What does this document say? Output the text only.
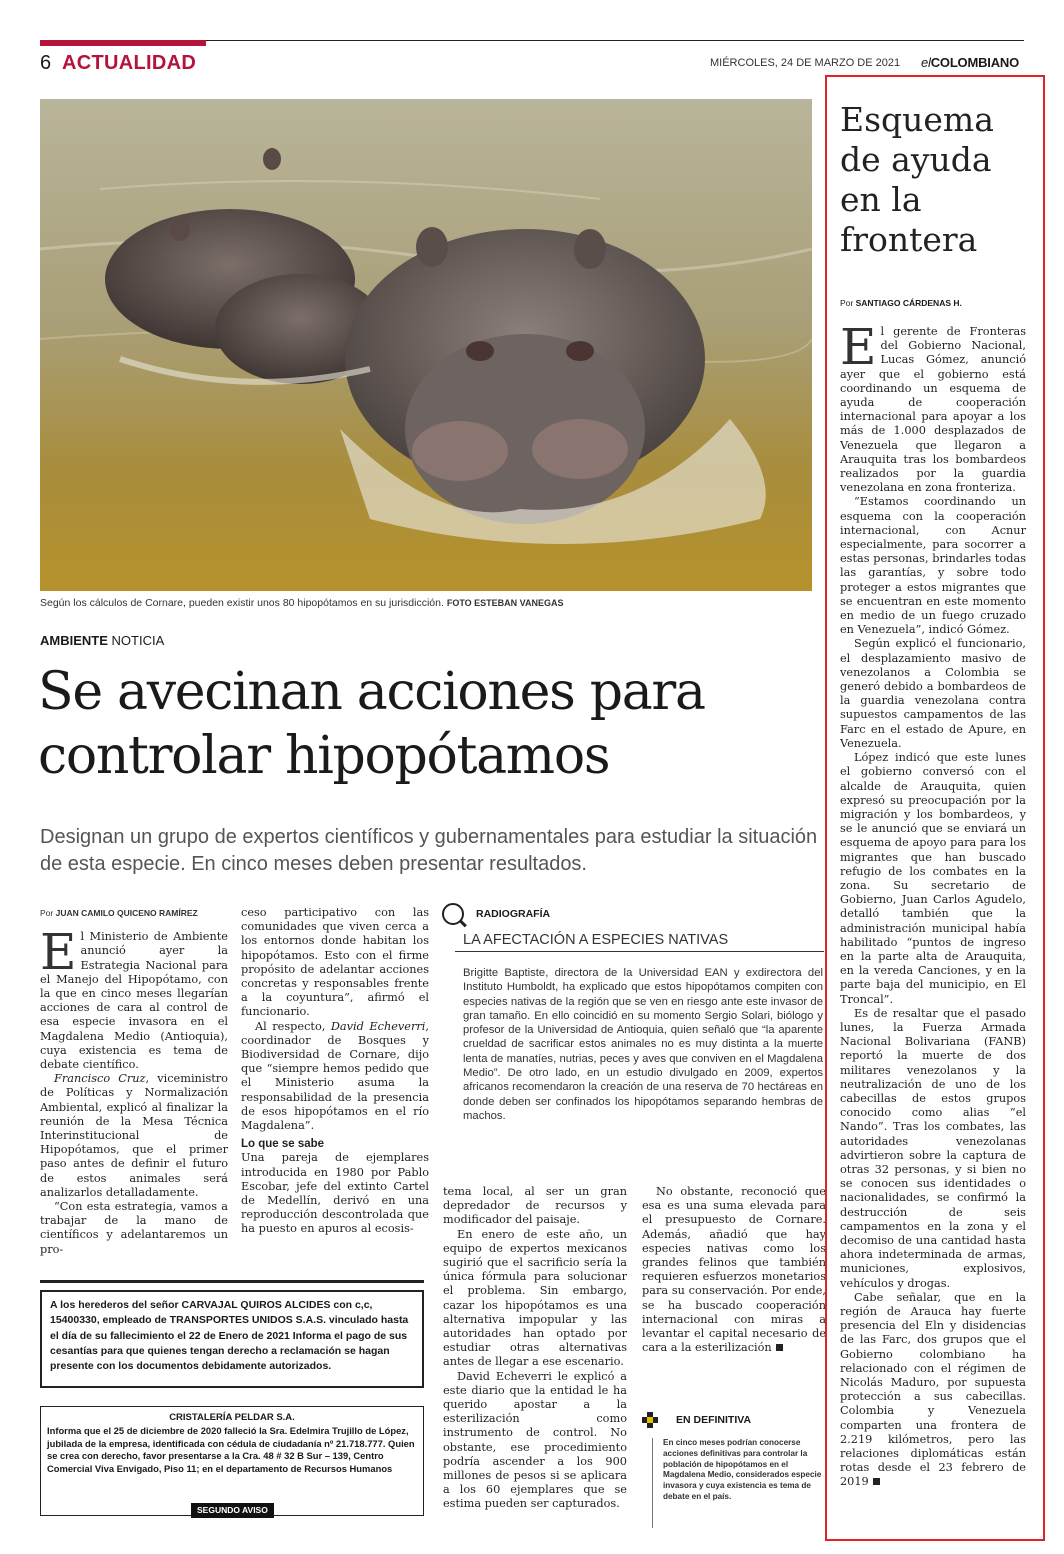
6 ACTUALIDAD	MIÉRCOLES, 24 DE MARZO DE 2021 elCOLOMBIANO
Según los cálculos de Cornare, pueden existir unos 80 hipopótamos en su jurisdicción. FOTO ESTEBAN VANEGAS
AMBIENTE NOTICIA
Se avecinan acciones para controlar hipopótamos
Designan un grupo de expertos científicos y gubernamentales para estudiar la situación de esta especie. En cinco meses deben presentar resultados.
Por JUAN CAMILO QUICENO RAMÍREZ

El Ministerio de Ambiente anunció ayer la Estrategia Nacional para el Manejo del Hipopótamo, con la que en cinco meses llegarían acciones de cara al control de esa especie invasora en el Magdalena Medio (Antioquia), cuya existencia es tema de debate científico.

Francisco Cruz, viceministro de Políticas y Normalización Ambiental, explicó al finalizar la reunión de la Mesa Técnica Interinstitucional de Hipopótamos, que el primer paso antes de definir el futuro de estos animales será analizarlos detalladamente.

“Con esta estrategia, vamos a trabajar de la mano de científicos y adelantaremos un pro-

ceso participativo con las comunidades que viven cerca a los entornos donde habitan los hipopótamos. Esto con el firme propósito de adelantar acciones concretas y responsables frente a la coyuntura”, afirmó el funcionario.

Al respecto, David Echeverri, coordinador de Bosques y Biodiversidad de Cornare, dijo que “siempre hemos pedido que el Ministerio asuma la responsabilidad de la presencia de esos hipopótamos en el río Magdalena”.

Lo que se sabe

Una pareja de ejemplares introducida en 1980 por Pablo Escobar, jefe del extinto Cartel de Medellín, derivó en una reproducción descontrolada que ha puesto en apuros al ecosis-

RADIOGRAFÍA
LA AFECTACIÓN A ESPECIES NATIVAS
Brigitte Baptiste, directora de la Universidad EAN y exdirectora del Instituto Humboldt, ha explicado que estos hipopótamos compiten con especies nativas de la región que se ven en riesgo ante este invasor de gran tamaño. En ello coincidió en su momento Sergio Solari, biólogo y profesor de la Universidad de Antioquia, quien señaló que “la aparente crueldad de sacrificar estos animales no es muy distinta a la muerte lenta de manatíes, nutrias, peces y aves que conviven en el Magdalena Medio”. De otro lado, en un estudio divulgado en 2009, expertos africanos recomendaron la creación de una reserva de 70 hectáreas en donde deben ser confinados los hipopótamos separando hembras de machos.

tema local, al ser un gran depredador de recursos y modificador del paisaje.

En enero de este año, un equipo de expertos mexicanos sugirió que el sacrificio sería la única fórmula para solucionar el problema. Sin embargo, cazar los hipopótamos es una alternativa impopular y las autoridades han optado por estudiar otras alternativas antes de llegar a ese escenario.

David Echeverri le explicó a este diario que la entidad le ha querido apostar a la esterilización como instrumento de control. No obstante, ese procedimiento podría ascender a los 900 millones de pesos si se aplicara a los 60 ejemplares que se estima pueden ser capturados.

No obstante, reconoció que esa es una suma elevada para el presupuesto de Cornare. Además, añadió que hay especies nativas como los grandes felinos que también requieren esfuerzos monetarios para su conservación. Por ende, se ha buscado cooperación internacional con miras a levantar el capital necesario de cara a la esterilización

EN DEFINITIVA
En cinco meses podrían conocerse acciones definitivas para controlar la población de hipopótamos en el Magdalena Medio, considerados especie invasora y cuya existencia es tema de debate en el país.
A los herederos del señor CARVAJAL QUIROS ALCIDES con c,c, 15400330, empleado de TRANSPORTES UNIDOS S.A.S. vinculado hasta el día de su fallecimiento el 22 de Enero de 2021 Informa el pago de sus cesantías para que quienes tengan derecho a reclamación se hagan presente con los documentos debidamente autorizados.
CRISTALERÍA PELDAR S.A.
Informa que el 25 de diciembre de 2020 falleció la Sra. Edelmira Trujillo de López, jubilada de la empresa, identificada con cédula de ciudadanía nº 21.718.777. Quien se crea con derecho, favor presentarse a la Cra. 48 # 32 B Sur – 139, Centro Comercial Viva Envigado, Piso 11; en el departamento de Recursos Humanos
SEGUNDO AVISO
Esquema de ayuda en la frontera
Por SANTIAGO CÁRDENAS H.

El gerente de Fronteras del Gobierno Nacional, Lucas Gómez, anunció ayer que el gobierno está coordinando un esquema de ayuda de cooperación internacional para apoyar a los más de 1.000 desplazados de Venezuela que llegaron a Arauquita tras los bombardeos realizados por la guardia venezolana en zona fronteriza.

“Estamos coordinando un esquema con la cooperación internacional, con Acnur especialmente, para socorrer a estas personas, brindarles todas las garantías, y sobre todo proteger a estos migrantes que se encuentran en este momento en medio de un fuego cruzado en Venezuela”, indicó Gómez.

Según explicó el funcionario, el desplazamiento masivo de venezolanos a Colombia se generó debido a bombardeos de la guardia venezolana contra supuestos campamentos de las Farc en el estado de Apure, en Venezuela.

López indicó que este lunes el gobierno conversó con el alcalde de Arauquita, quien expresó su preocupación por la migración y los bombardeos, y se le anunció que se enviará un esquema de apoyo para para los migrantes que han buscado refugio de los combates en la zona. Su secretario de Gobierno, Juan Carlos Agudelo, detalló también que la administración municipal había habilitado “puntos de ingreso en la parte alta de Arauquita, en la vereda Canciones, y en la parte baja del municipio, en El Troncal”.

Es de resaltar que el pasado lunes, la Fuerza Armada Nacional Bolivariana (FANB) reportó la muerte de dos militares venezolanos y la neutralización de uno de los cabecillas de estos grupos conocido como alias “el Nando”. Tras los combates, las autoridades venezolanas advirtieron sobre la captura de otras 32 personas, y si bien no se conocen sus identidades o nacionalidades, se confirmó la destrucción de seis campamentos en la zona y el decomiso de una cantidad hasta ahora indeterminada de armas, municiones, explosivos, vehículos y drogas.

Cabe señalar, que en la región de Arauca hay fuerte presencia del Eln y disidencias de las Farc, dos grupos que el Gobierno colombiano ha relacionado con el régimen de Nicolás Maduro, por supuesta protección a sus cabecillas. Colombia y Venezuela comparten una frontera de 2.219 kilómetros, pero las relaciones diplomáticas están rotas desde el 23 febrero de 2019
